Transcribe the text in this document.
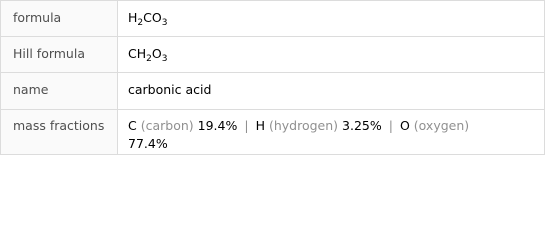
formula	$H_2CO_3$
Hill formula	$CH_2O_3$
name	carbonic acid
mass fractions	C (carbon) 19.4% | H (hydrogen) 3.25% | O (oxygen) 77.4%
